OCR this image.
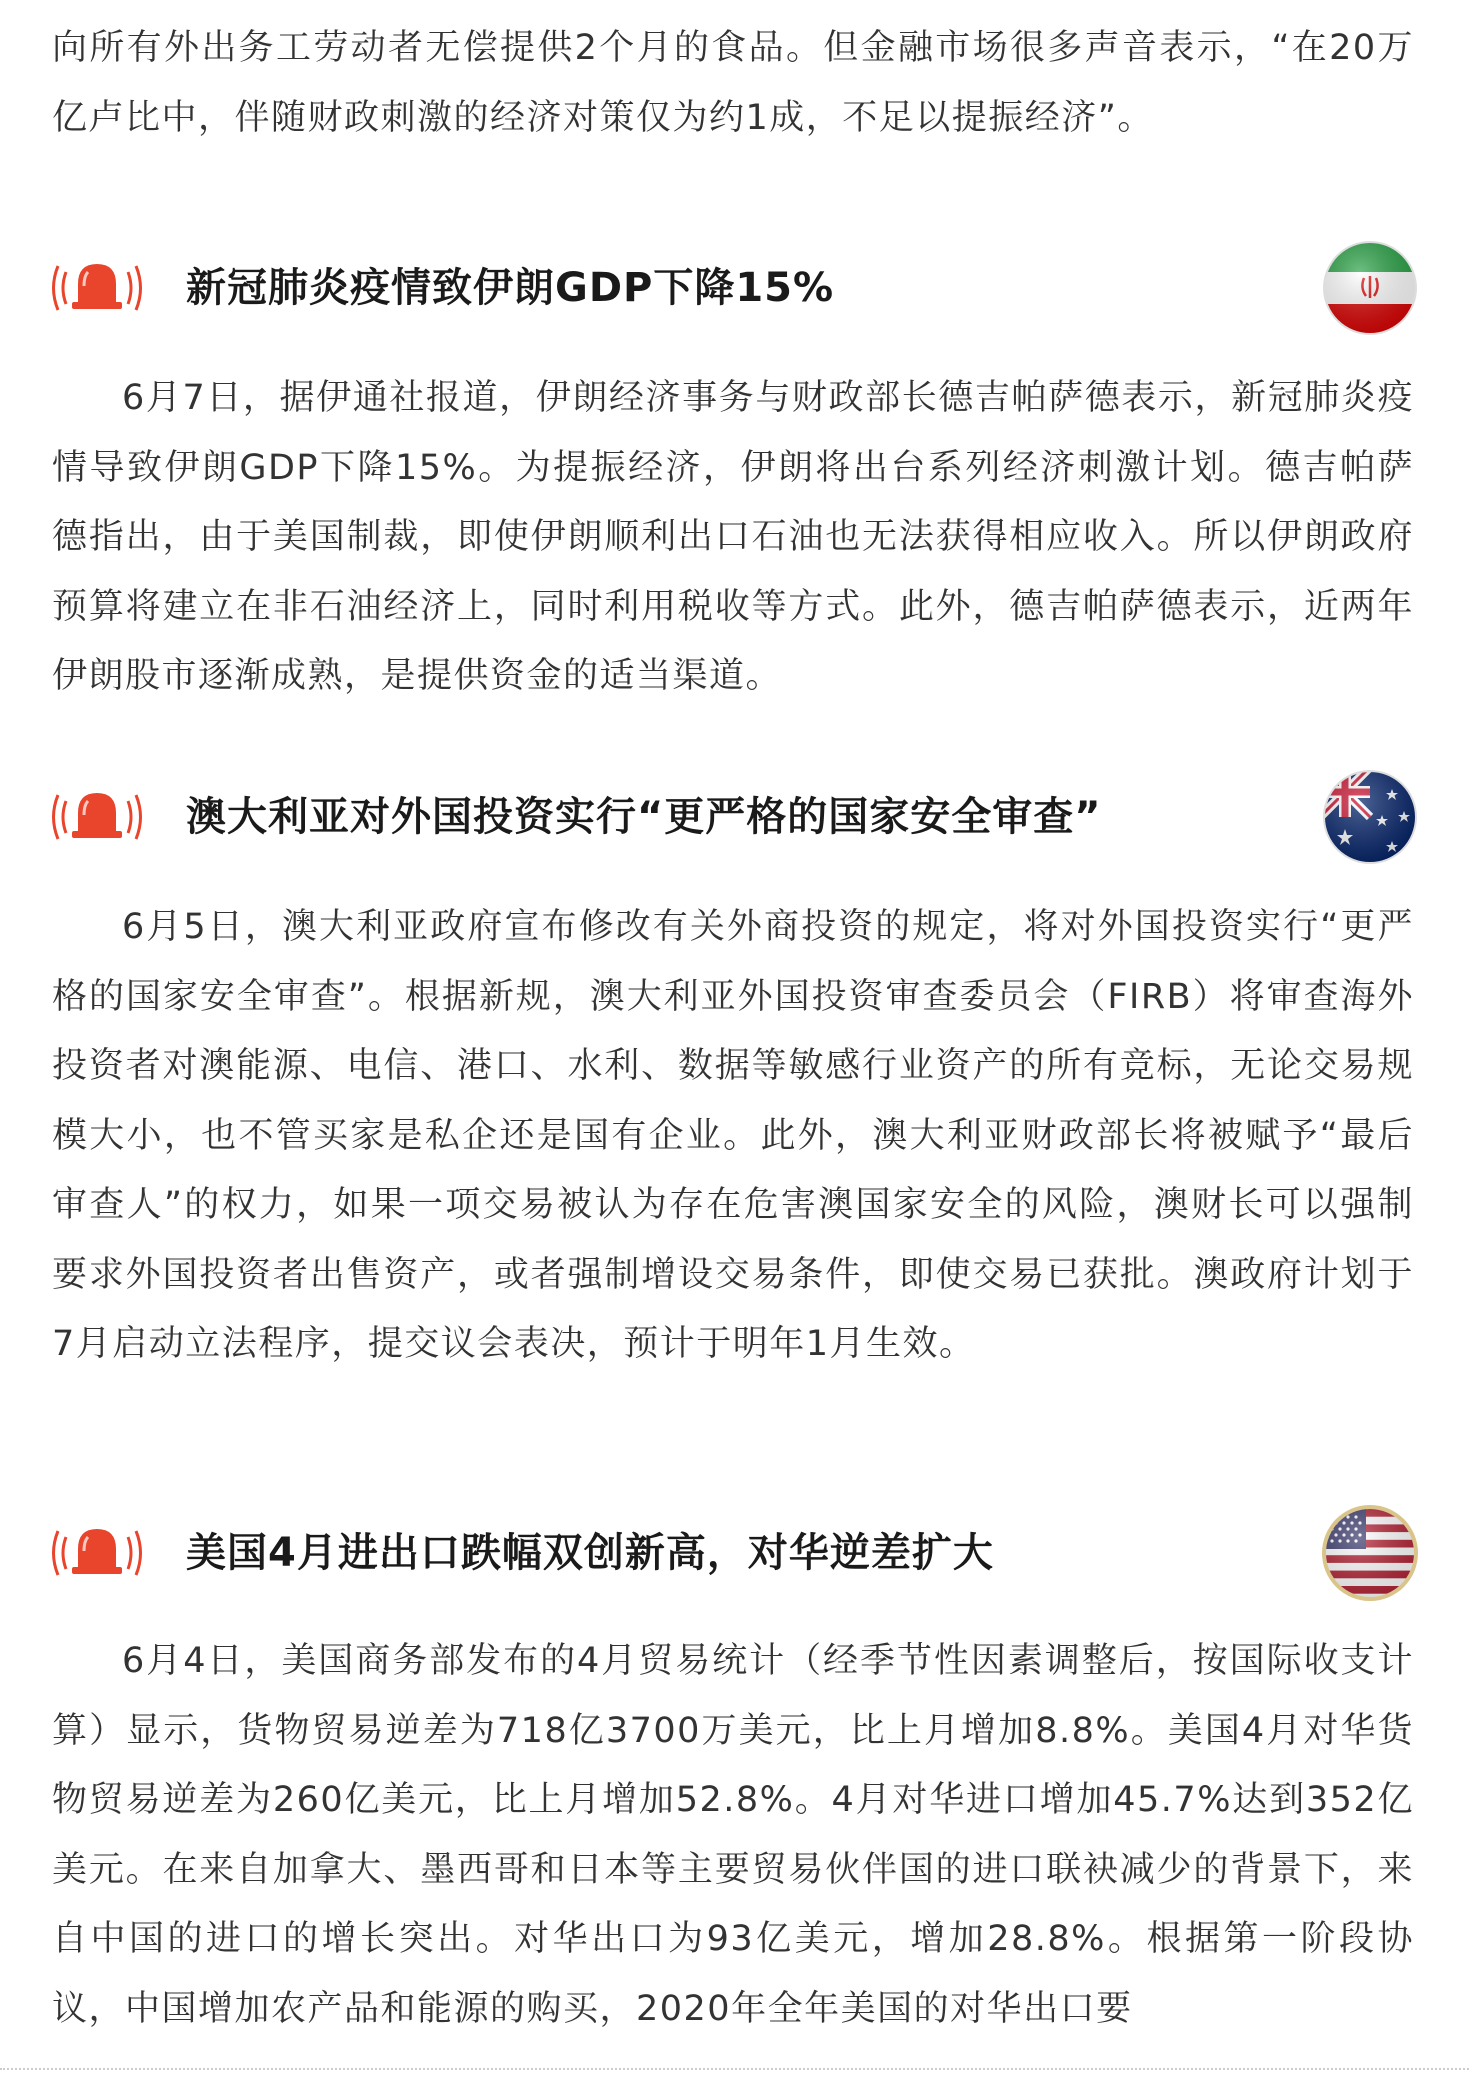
向所有外出务工劳动者无偿提供2个月的食品。但金融市场很多声音表示，“在20万亿卢比中，伴随财政刺激的经济对策仅为约1成，不足以提振经济”。

新冠肺炎疫情致伊朗GDP下降15%

6月7日，据伊通社报道，伊朗经济事务与财政部长德吉帕萨德表示，新冠肺炎疫情导致伊朗GDP下降15%。为提振经济，伊朗将出台系列经济刺激计划。德吉帕萨德指出，由于美国制裁，即使伊朗顺利出口石油也无法获得相应收入。所以伊朗政府预算将建立在非石油经济上，同时利用税收等方式。此外，德吉帕萨德表示，近两年伊朗股市逐渐成熟，是提供资金的适当渠道。

澳大利亚对外国投资实行“更严格的国家安全审查”

6月5日，澳大利亚政府宣布修改有关外商投资的规定，将对外国投资实行“更严格的国家安全审查”。根据新规，澳大利亚外国投资审查委员会（FIRB）将审查海外投资者对澳能源、电信、港口、水利、数据等敏感行业资产的所有竞标，无论交易规模大小，也不管买家是私企还是国有企业。此外，澳大利亚财政部长将被赋予“最后审查人”的权力，如果一项交易被认为存在危害澳国家安全的风险，澳财长可以强制要求外国投资者出售资产，或者强制增设交易条件，即使交易已获批。澳政府计划于7月启动立法程序，提交议会表决，预计于明年1月生效。

美国4月进出口跌幅双创新高，对华逆差扩大

6月4日，美国商务部发布的4月贸易统计（经季节性因素调整后，按国际收支计算）显示，货物贸易逆差为718亿3700万美元，比上月增加8.8%。美国4月对华货物贸易逆差为260亿美元，比上月增加52.8%。4月对华进口增加45.7%达到352亿美元。在来自加拿大、墨西哥和日本等主要贸易伙伴国的进口联袂减少的背景下，来自中国的进口的增长突出。对华出口为93亿美元，增加28.8%。根据第一阶段协议，中国增加农产品和能源的购买，2020年全年美国的对华出口要
